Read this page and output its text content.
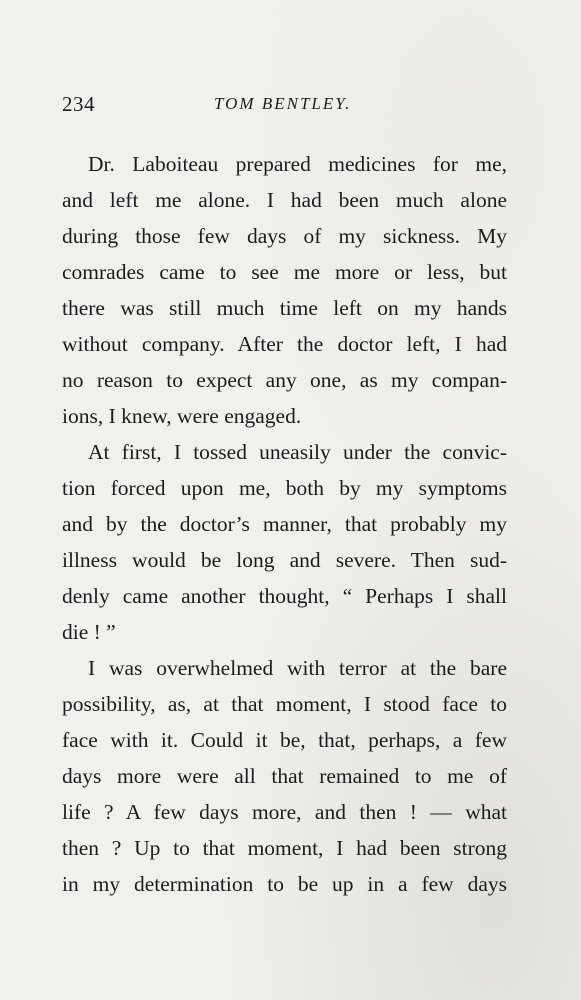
234	TOM BENTLEY.
Dr. Laboiteau prepared medicines for me,
and left me alone. I had been much alone
during those few days of my sickness. My
comrades came to see me more or less, but
there was still much time left on my hands
without company. After the doctor left, I had
no reason to expect any one, as my compan-
ions, I knew, were engaged.
At first, I tossed uneasily under the convic-
tion forced upon me, both by my symptoms
and by the doctor’s manner, that probably my
illness would be long and severe. Then sud-
denly came another thought, “ Perhaps I shall
die ! ”
I was overwhelmed with terror at the bare
possibility, as, at that moment, I stood face to
face with it. Could it be, that, perhaps, a few
days more were all that remained to me of
life ? A few days more, and then ! — what
then ? Up to that moment, I had been strong
in my determination to be up in a few days
